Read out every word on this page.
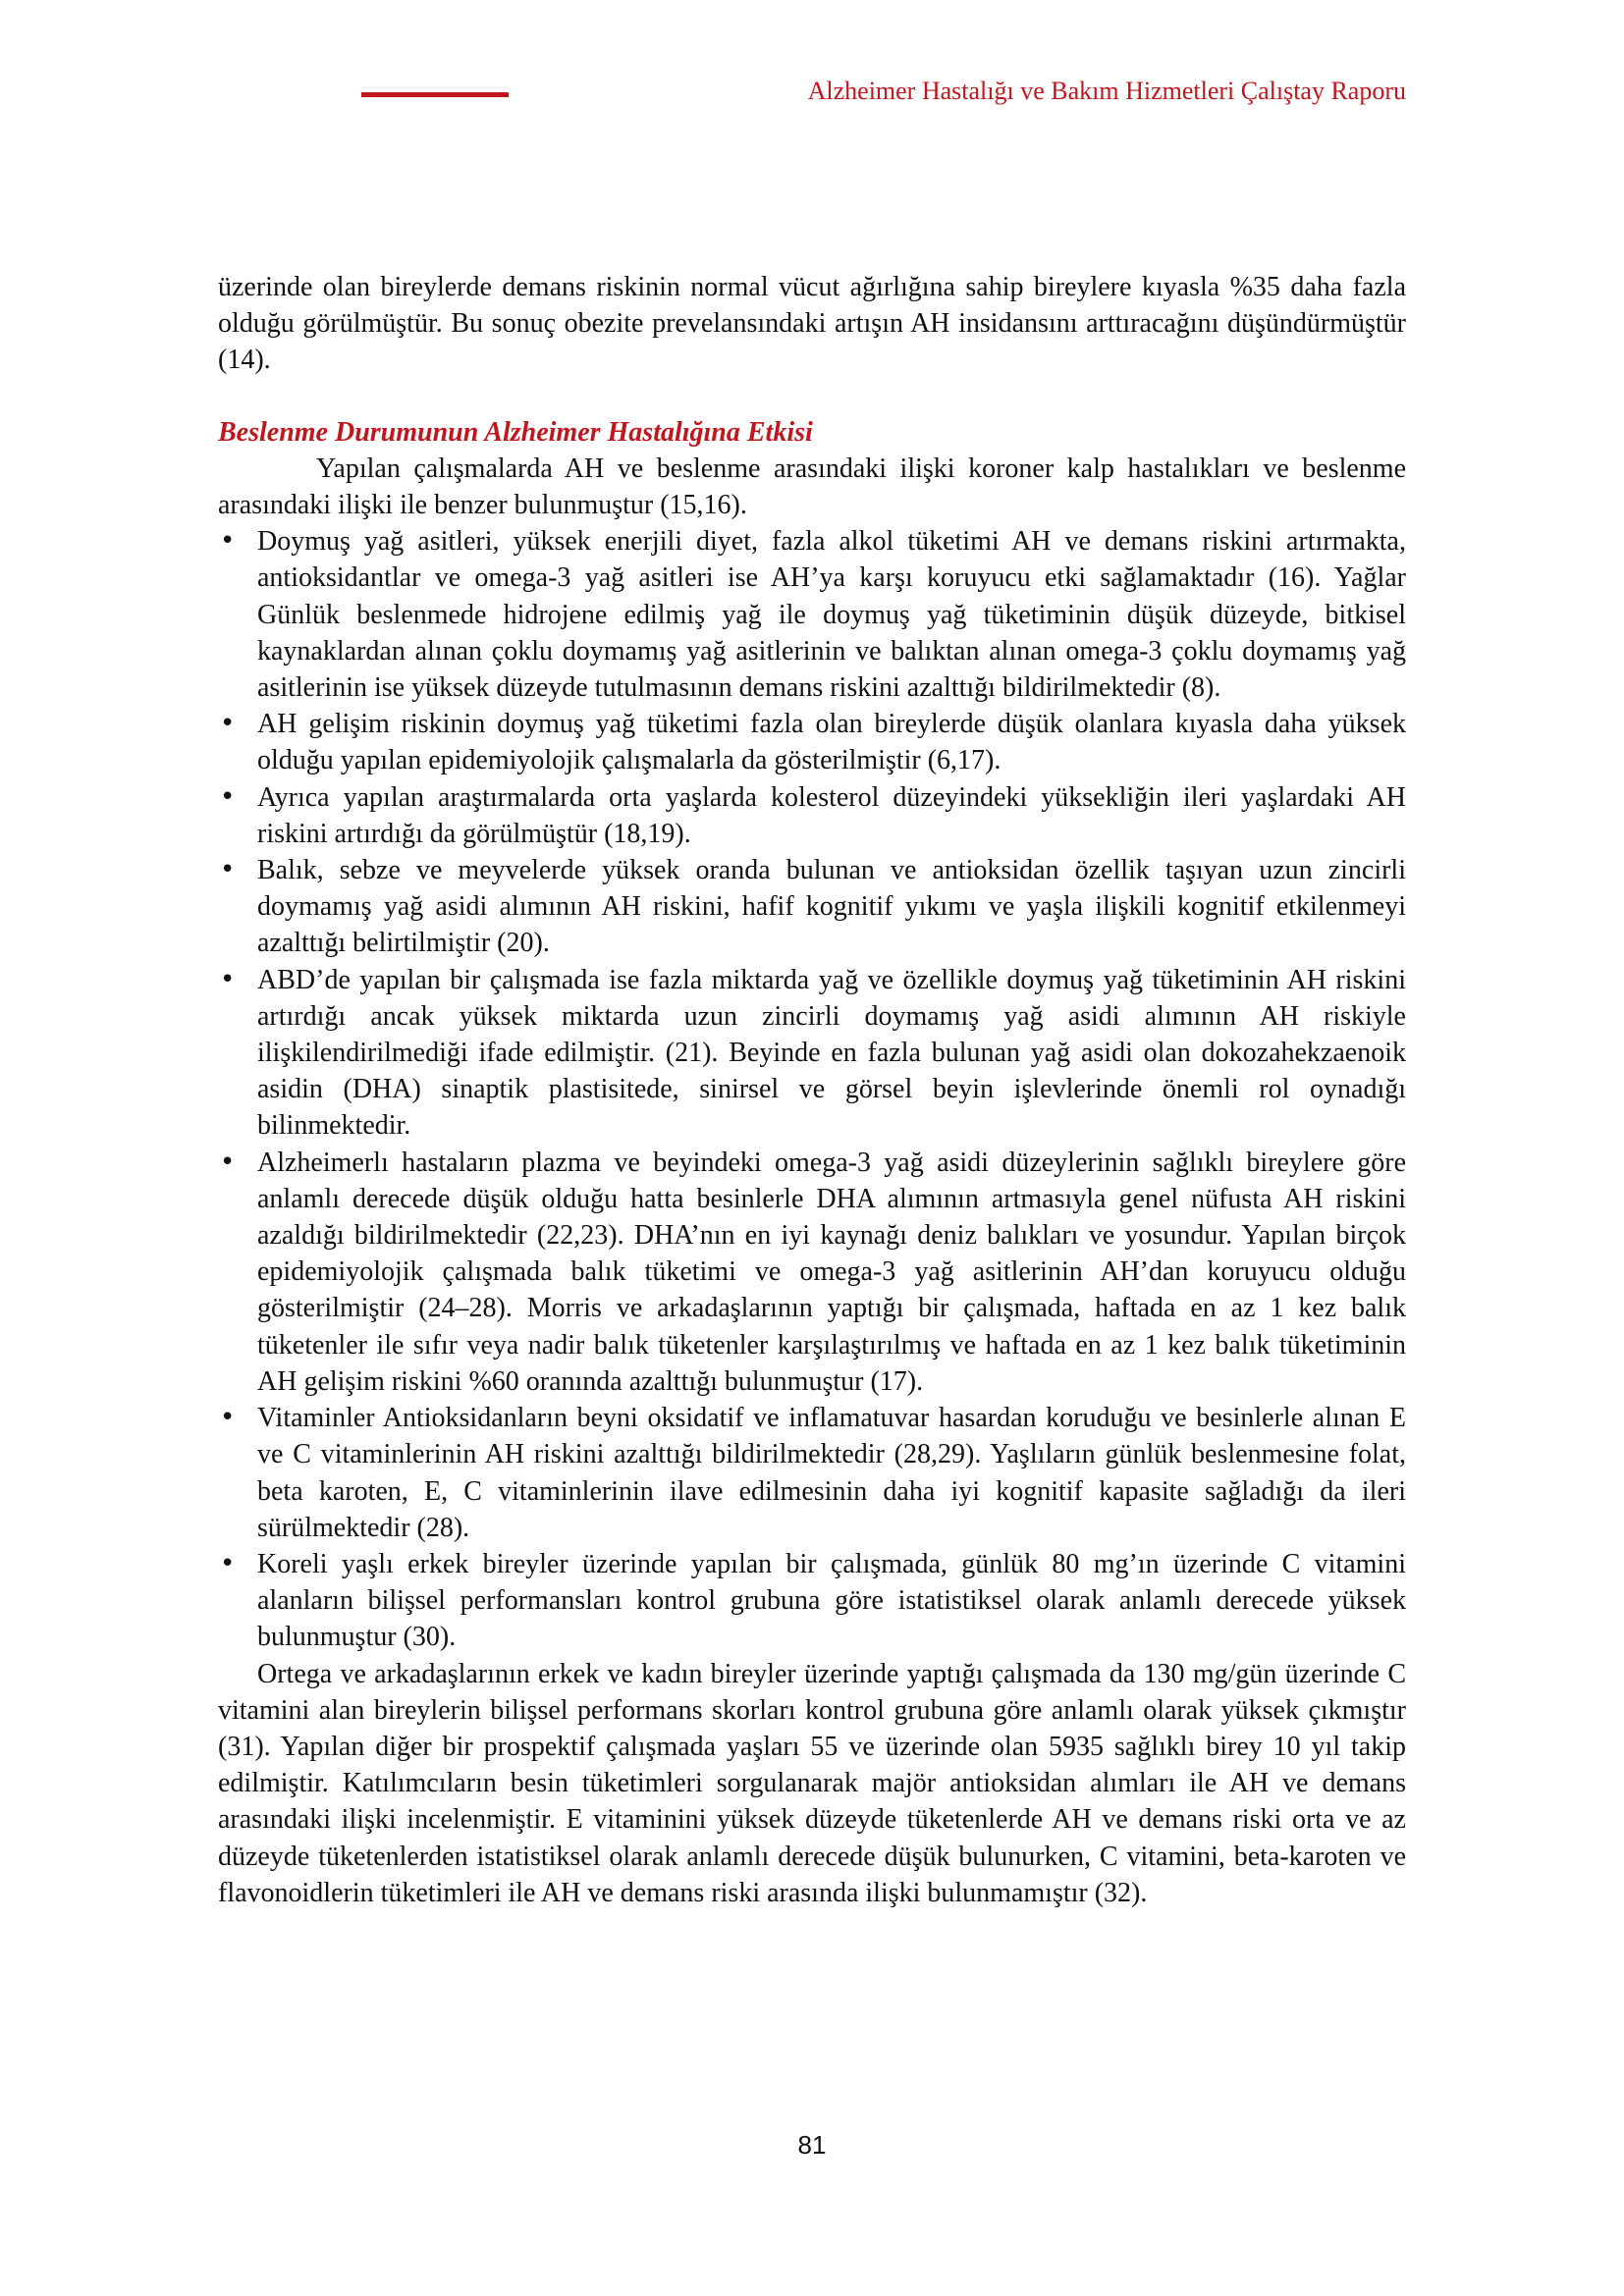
Alzheimer Hastalığı ve Bakım Hizmetleri Çalıştay Raporu

üzerinde olan bireylerde demans riskinin normal vücut ağırlığına sahip bireylere kıyasla %35 daha fazla olduğu görülmüştür. Bu sonuç obezite prevelansındaki artışın AH insidansını arttıracağını düşündürmüştür (14).

Beslenme Durumunun Alzheimer Hastalığına Etkisi

Yapılan çalışmalarda AH ve beslenme arasındaki ilişki koroner kalp hastalıkları ve beslenme arasındaki ilişki ile benzer bulunmuştur (15,16).

• Doymuş yağ asitleri, yüksek enerjili diyet, fazla alkol tüketimi AH ve demans riskini artırmakta, antioksidantlar ve omega-3 yağ asitleri ise AH’ya karşı koruyucu etki sağlamaktadır (16). Yağlar Günlük beslenmede hidrojene edilmiş yağ ile doymuş yağ tüketiminin düşük düzeyde, bitkisel kaynaklardan alınan çoklu doymamış yağ asitlerinin ve balıktan alınan omega-3 çoklu doymamış yağ asitlerinin ise yüksek düzeyde tutulmasının demans riskini azalttığı bildirilmektedir (8).
• AH gelişim riskinin doymuş yağ tüketimi fazla olan bireylerde düşük olanlara kıyasla daha yüksek olduğu yapılan epidemiyolojik çalışmalarla da gösterilmiştir (6,17).
• Ayrıca yapılan araştırmalarda orta yaşlarda kolesterol düzeyindeki yüksekliğin ileri yaşlardaki AH riskini artırdığı da görülmüştür (18,19).
• Balık, sebze ve meyvelerde yüksek oranda bulunan ve antioksidan özellik taşıyan uzun zincirli doymamış yağ asidi alımının AH riskini, hafif kognitif yıkımı ve yaşla ilişkili kognitif etkilenmeyi azalttığı belirtilmiştir (20).
• ABD’de yapılan bir çalışmada ise fazla miktarda yağ ve özellikle doymuş yağ tüketiminin AH riskini artırdığı ancak yüksek miktarda uzun zincirli doymamış yağ asidi alımının AH riskiyle ilişkilendirilmediği ifade edilmiştir. (21). Beyinde en fazla bulunan yağ asidi olan dokozahekzaenoik asidin (DHA) sinaptik plastisitede, sinirsel ve görsel beyin işlevlerinde önemli rol oynadığı bilinmektedir.
• Alzheimerlı hastaların plazma ve beyindeki omega-3 yağ asidi düzeylerinin sağlıklı bireylere göre anlamlı derecede düşük olduğu hatta besinlerle DHA alımının artmasıyla genel nüfusta AH riskini azaldığı bildirilmektedir (22,23). DHA’nın en iyi kaynağı deniz balıkları ve yosundur. Yapılan birçok epidemiyolojik çalışmada balık tüketimi ve omega-3 yağ asitlerinin AH’dan koruyucu olduğu gösterilmiştir (24–28). Morris ve arkadaşlarının yaptığı bir çalışmada, haftada en az 1 kez balık tüketenler ile sıfır veya nadir balık tüketenler karşılaştırılmış ve haftada en az 1 kez balık tüketiminin AH gelişim riskini %60 oranında azalttığı bulunmuştur (17).
• Vitaminler Antioksidanların beyni oksidatif ve inflamatuvar hasardan koruduğu ve besinlerle alınan E ve C vitaminlerinin AH riskini azalttığı bildirilmektedir (28,29). Yaşlıların günlük beslenmesine folat, beta karoten, E, C vitaminlerinin ilave edilmesinin daha iyi kognitif kapasite sağladığı da ileri sürülmektedir (28).
• Koreli yaşlı erkek bireyler üzerinde yapılan bir çalışmada, günlük 80 mg’ın üzerinde C vitamini alanların bilişsel performansları kontrol grubuna göre istatistiksel olarak anlamlı derecede yüksek bulunmuştur (30).

Ortega ve arkadaşlarının erkek ve kadın bireyler üzerinde yaptığı çalışmada da 130 mg/gün üzerinde C vitamini alan bireylerin bilişsel performans skorları kontrol grubuna göre anlamlı olarak yüksek çıkmıştır (31). Yapılan diğer bir prospektif çalışmada yaşları 55 ve üzerinde olan 5935 sağlıklı birey 10 yıl takip edilmiştir. Katılımcıların besin tüketimleri sorgulanarak majör antioksidan alımları ile AH ve demans arasındaki ilişki incelenmiştir. E vitaminini yüksek düzeyde tüketenlerde AH ve demans riski orta ve az düzeyde tüketenlerden istatistiksel olarak anlamlı derecede düşük bulunurken, C vitamini, beta-karoten ve flavonoidlerin tüketimleri ile AH ve demans riski arasında ilişki bulunmamıştır (32).

81
